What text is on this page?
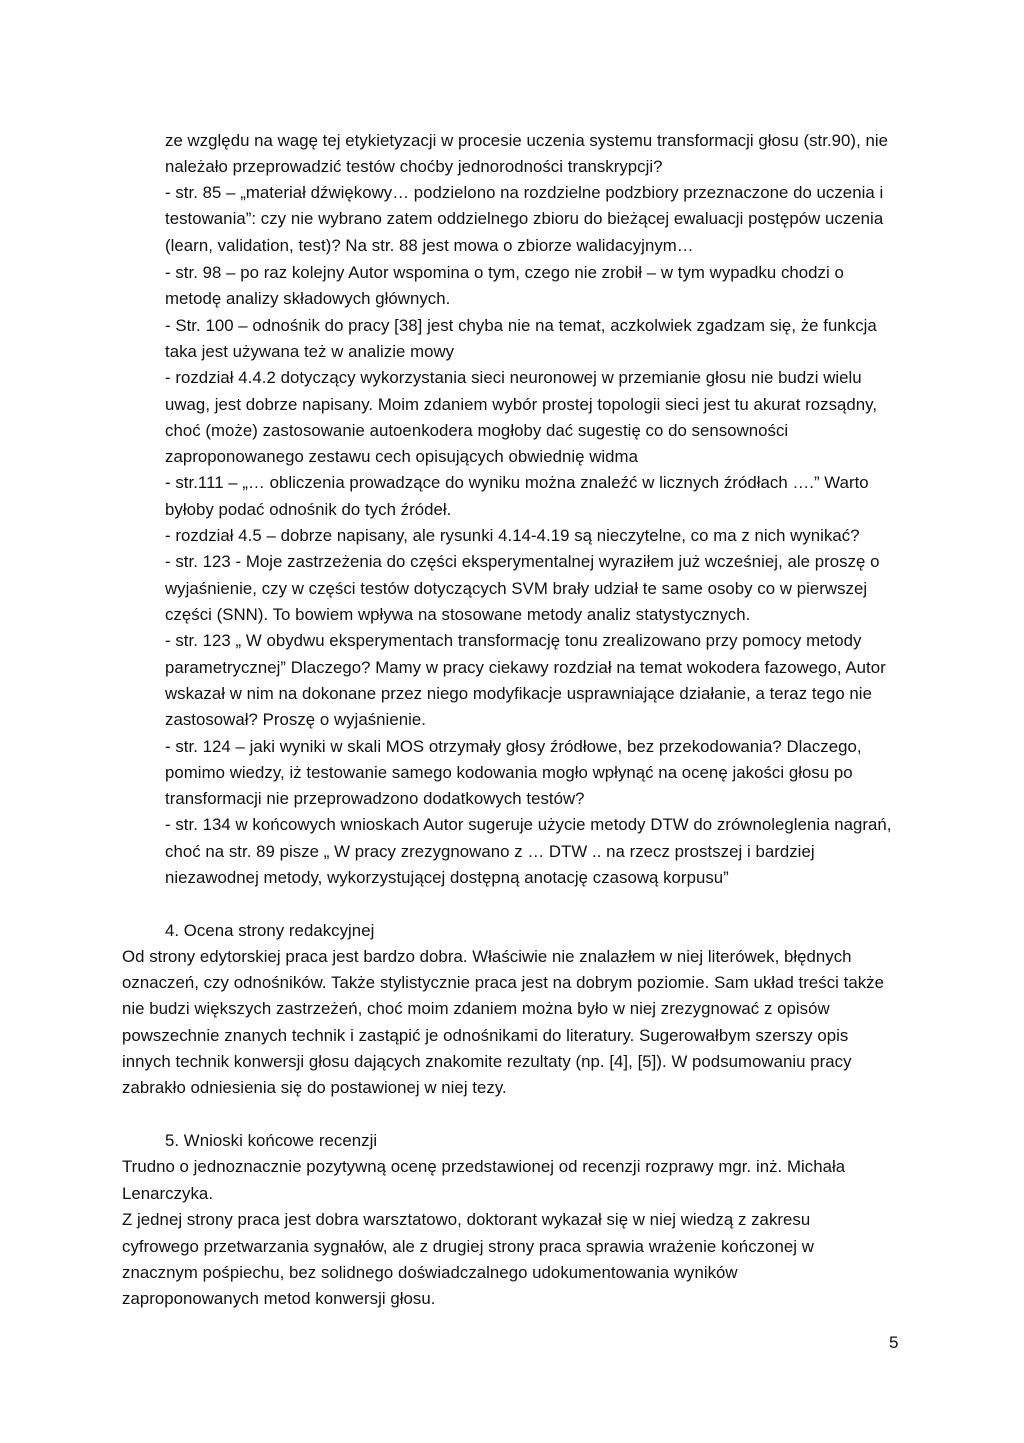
ze względu na wagę tej etykietyzacji w procesie uczenia systemu transformacji głosu (str.90), nie
należało przeprowadzić testów choćby jednorodności transkrypcji?
- str. 85 – „materiał dźwiękowy… podzielono na rozdzielne podzbiory przeznaczone do uczenia i
testowania”: czy nie wybrano zatem oddzielnego zbioru do bieżącej ewaluacji postępów uczenia
(learn, validation, test)? Na str. 88 jest mowa o zbiorze walidacyjnym…
- str. 98 – po raz kolejny Autor wspomina o tym, czego nie zrobił – w tym wypadku chodzi o
metodę analizy składowych głównych.
- Str. 100 – odnośnik do pracy [38] jest chyba nie na temat, aczkolwiek zgadzam się, że funkcja
taka jest używana też w analizie mowy
- rozdział 4.4.2 dotyczący wykorzystania sieci neuronowej w przemianie głosu nie budzi wielu
uwag, jest dobrze napisany. Moim zdaniem wybór prostej topologii sieci jest tu akurat rozsądny,
choć (może) zastosowanie autoenkodera mogłoby dać sugestię co do sensowności
zaproponowanego zestawu cech opisujących obwiednię widma
- str.111 – „… obliczenia prowadzące do wyniku można znaleźć w licznych źródłach ….” Warto
byłoby podać odnośnik do tych źródeł.
- rozdział 4.5 – dobrze napisany, ale rysunki 4.14-4.19 są nieczytelne, co ma z nich wynikać?
- str. 123 - Moje zastrzeżenia do części eksperymentalnej wyraziłem już wcześniej, ale proszę o
wyjaśnienie, czy w części testów dotyczących SVM brały udział te same osoby co w pierwszej
części (SNN). To bowiem wpływa na stosowane metody analiz statystycznych.
- str. 123 „ W obydwu eksperymentach transformację tonu zrealizowano przy pomocy metody
parametrycznej” Dlaczego? Mamy w pracy ciekawy rozdział na temat wokodera fazowego, Autor
wskazał w nim na dokonane przez niego modyfikacje usprawniające działanie, a teraz tego nie
zastosował? Proszę o wyjaśnienie.
- str. 124 – jaki wyniki w skali MOS otrzymały głosy źródłowe, bez przekodowania? Dlaczego,
pomimo wiedzy, iż testowanie samego kodowania mogło wpłynąć na ocenę jakości głosu po
transformacji nie przeprowadzono dodatkowych testów?
- str. 134 w końcowych wnioskach Autor sugeruje użycie metody DTW do zrównoleglenia nagrań,
choć na str. 89 pisze „ W pracy zrezygnowano z … DTW .. na rzecz prostszej i bardziej
niezawodnej metody, wykorzystującej dostępną anotację czasową korpusu”
4. Ocena strony redakcyjnej
Od strony edytorskiej praca jest bardzo dobra. Właściwie nie znalazłem w niej literówek, błędnych
oznaczeń, czy odnośników. Także stylistycznie praca jest na dobrym poziomie. Sam układ treści także
nie budzi większych zastrzeżeń, choć moim zdaniem można było w niej zrezygnować z opisów
powszechnie znanych technik i zastąpić je odnośnikami do literatury. Sugerowałbym szerszy opis
innych technik konwersji głosu dających znakomite rezultaty (np. [4], [5]). W podsumowaniu pracy
zabrakło odniesienia się do postawionej w niej tezy.
5. Wnioski końcowe recenzji
Trudno o jednoznacznie pozytywną ocenę przedstawionej od recenzji rozprawy mgr. inż. Michała
Lenarczyka.
Z jednej strony praca jest dobra warsztatowo, doktorant wykazał się w niej wiedzą z zakresu
cyfrowego przetwarzania sygnałów, ale z drugiej strony praca sprawia wrażenie kończonej w
znacznym pośpiechu, bez solidnego doświadczalnego udokumentowania wyników
zaproponowanych metod konwersji głosu.
5
